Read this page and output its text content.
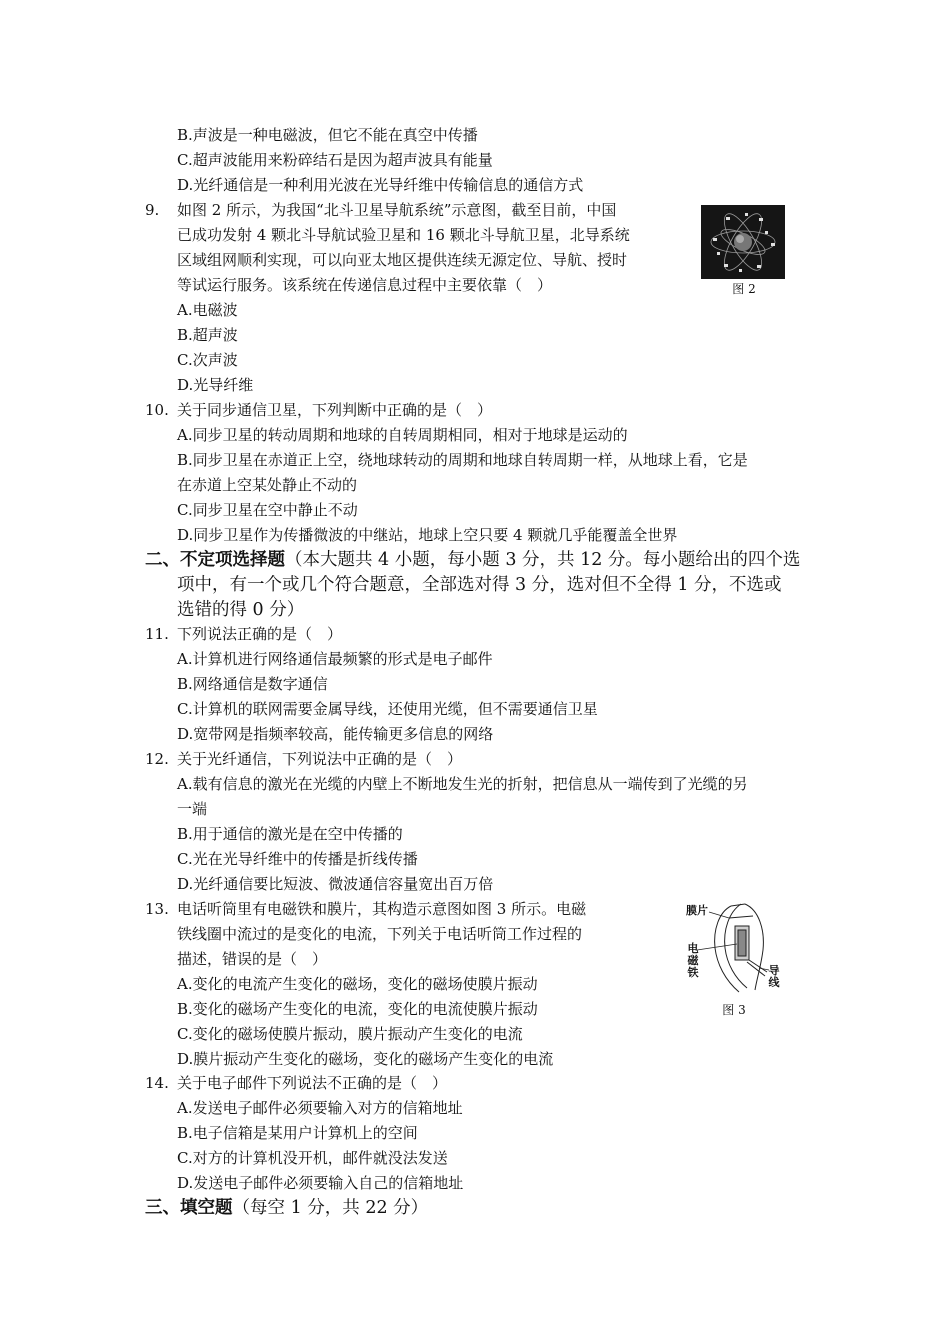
B.声波是一种电磁波，但它不能在真空中传播
C.超声波能用来粉碎结石是因为超声波具有能量
D.光纤通信是一种利用光波在光导纤维中传输信息的通信方式
9. 如图 2 所示，为我国“北斗卫星导航系统”示意图，截至目前，中国
已成功发射 4 颗北斗导航试验卫星和 16 颗北斗导航卫星，北导系统
区域组网顺利实现，可以向亚太地区提供连续无源定位、导航、授时
等试运行服务。该系统在传递信息过程中主要依靠（　）
A.电磁波
B.超声波
C.次声波
D.光导纤维
图 2
10. 关于同步通信卫星，下列判断中正确的是（　）
A.同步卫星的转动周期和地球的自转周期相同，相对于地球是运动的
B.同步卫星在赤道正上空，绕地球转动的周期和地球自转周期一样，从地球上看，它是
在赤道上空某处静止不动的
C.同步卫星在空中静止不动
D.同步卫星作为传播微波的中继站，地球上空只要 4 颗就几乎能覆盖全世界
二、不定项选择题（本大题共 4 小题，每小题 3 分，共 12 分。每小题给出的四个选
项中，有一个或几个符合题意，全部选对得 3 分，选对但不全得 1 分，不选或
选错的得 0 分）
11. 下列说法正确的是（　）
A.计算机进行网络通信最频繁的形式是电子邮件
B.网络通信是数字通信
C.计算机的联网需要金属导线，还使用光缆，但不需要通信卫星
D.宽带网是指频率较高，能传输更多信息的网络
12. 关于光纤通信，下列说法中正确的是（　）
A.载有信息的激光在光缆的内壁上不断地发生光的折射，把信息从一端传到了光缆的另
一端
B.用于通信的激光是在空中传播的
C.光在光导纤维中的传播是折线传播
D.光纤通信要比短波、微波通信容量宽出百万倍
13. 电话听筒里有电磁铁和膜片，其构造示意图如图 3 所示。电磁
铁线圈中流过的是变化的电流，下列关于电话听筒工作过程的
描述，错误的是（　）
A.变化的电流产生变化的磁场，变化的磁场使膜片振动
B.变化的磁场产生变化的电流，变化的电流使膜片振动
C.变化的磁场使膜片振动，膜片振动产生变化的电流
D.膜片振动产生变化的磁场，变化的磁场产生变化的电流
膜片
电
磁
铁	导
线
图 3
14. 关于电子邮件下列说法不正确的是（　）
A.发送电子邮件必须要输入对方的信箱地址
B.电子信箱是某用户计算机上的空间
C.对方的计算机没开机，邮件就没法发送
D.发送电子邮件必须要输入自己的信箱地址
三、填空题（每空 1 分，共 22 分）
